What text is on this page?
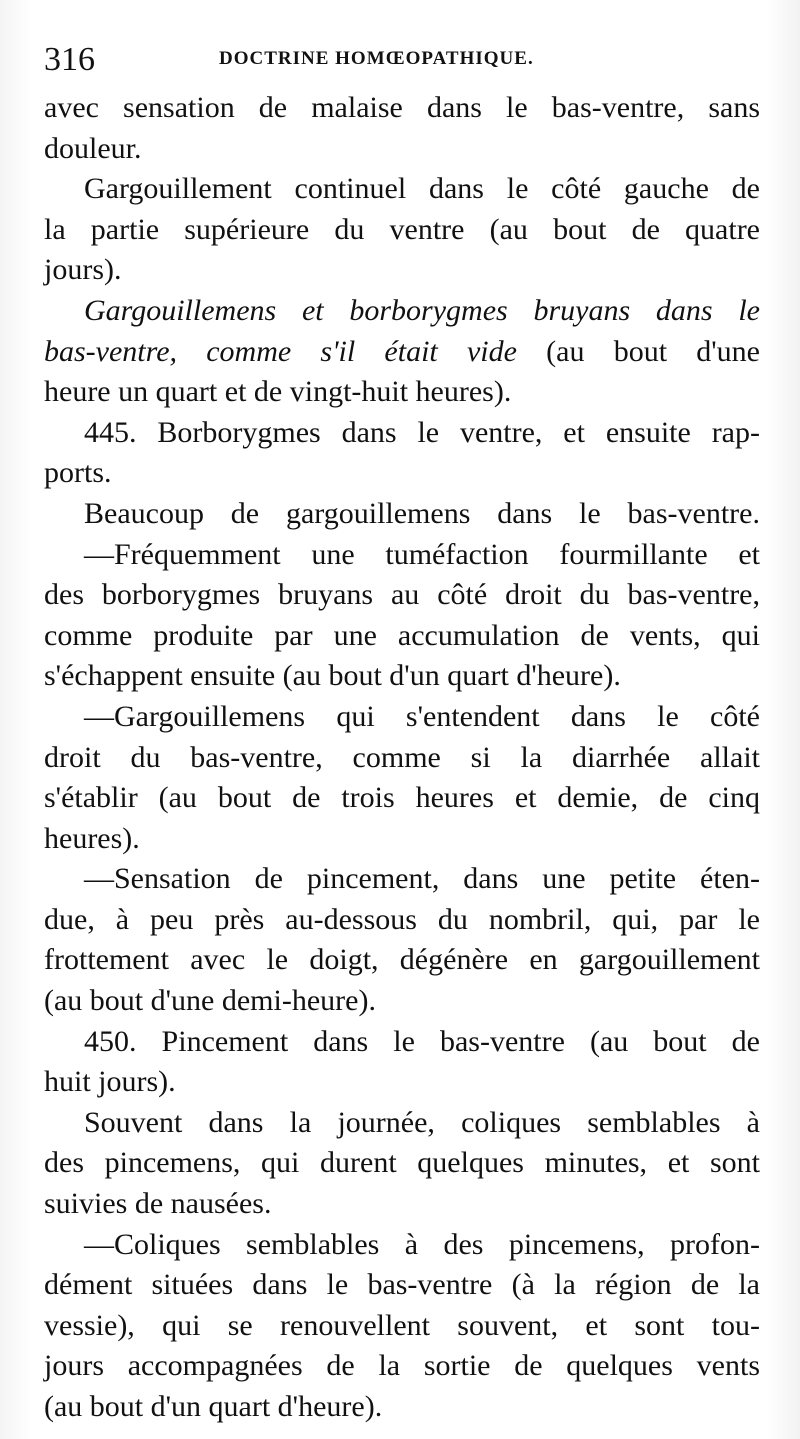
316	DOCTRINE HOMŒOPATHIQUE.
avec sensation de malaise dans le bas-ventre, sans
douleur.
Gargouillement continuel dans le côté gauche de
la partie supérieure du ventre (au bout de quatre
jours).
Gargouillemens et borborygmes bruyans dans le
bas-ventre, comme s'il était vide (au bout d'une
heure un quart et de vingt-huit heures).
445. Borborygmes dans le ventre, et ensuite rap-
ports.
Beaucoup de gargouillemens dans le bas-ventre.
—Fréquemment une tuméfaction fourmillante et
des borborygmes bruyans au côté droit du bas-ventre,
comme produite par une accumulation de vents, qui
s'échappent ensuite (au bout d'un quart d'heure).
—Gargouillemens qui s'entendent dans le côté
droit du bas-ventre, comme si la diarrhée allait
s'établir (au bout de trois heures et demie, de cinq
heures).
—Sensation de pincement, dans une petite éten-
due, à peu près au-dessous du nombril, qui, par le
frottement avec le doigt, dégénère en gargouillement
(au bout d'une demi-heure).
450. Pincement dans le bas-ventre (au bout de
huit jours).
Souvent dans la journée, coliques semblables à
des pincemens, qui durent quelques minutes, et sont
suivies de nausées.
—Coliques semblables à des pincemens, profon-
dément situées dans le bas-ventre (à la région de la
vessie), qui se renouvellent souvent, et sont tou-
jours accompagnées de la sortie de quelques vents
(au bout d'un quart d'heure).
